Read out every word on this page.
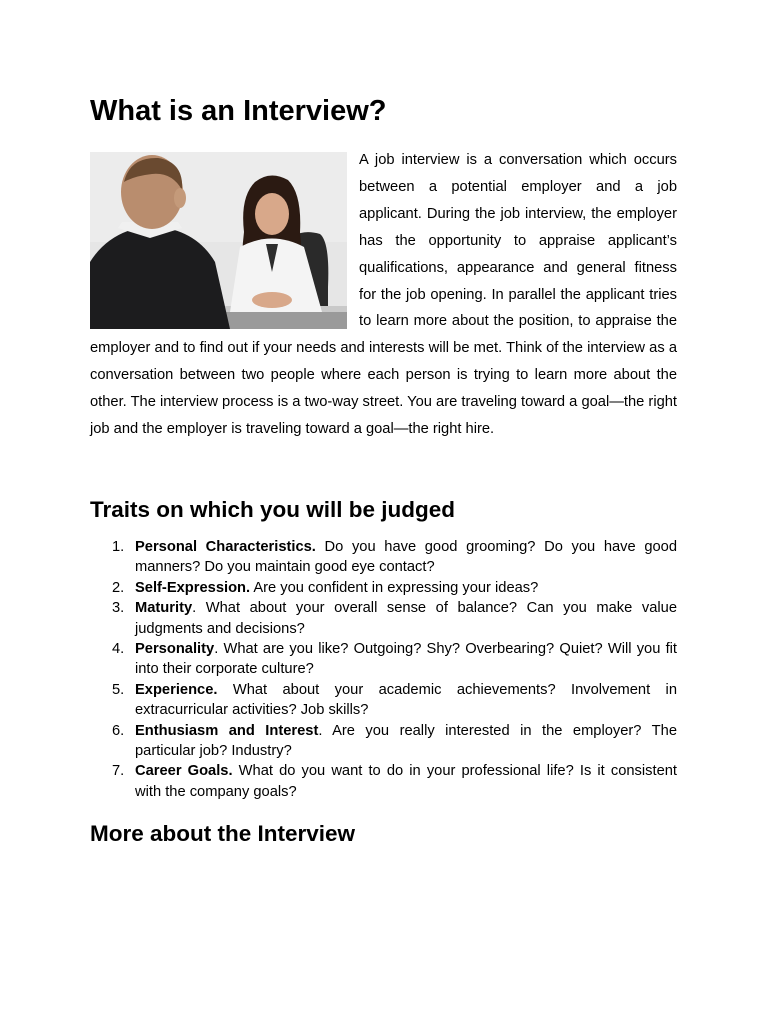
What is an Interview?
A job interview is a conversation which occurs between a potential employer and a job applicant. During the job interview, the employer has the opportunity to appraise applicant’s qualifications, appearance and general fitness for the job opening. In parallel the applicant tries to learn more about the position, to appraise the employer and to find out if your needs and interests will be met. Think of the interview as a conversation between two people where each person is trying to learn more about the other. The interview process is a two-way street. You are traveling toward a goal—the right job and the employer is traveling toward a goal—the right hire.
Traits on which you will be judged
1. Personal Characteristics. Do you have good grooming? Do you have good manners? Do you maintain good eye contact?
2. Self-Expression. Are you confident in expressing your ideas?
3. Maturity. What about your overall sense of balance? Can you make value judgments and decisions?
4. Personality. What are you like? Outgoing? Shy? Overbearing? Quiet? Will you fit into their corporate culture?
5. Experience. What about your academic achievements? Involvement in extracurricular activities? Job skills?
6. Enthusiasm and Interest. Are you really interested in the employer? The particular job? Industry?
7. Career Goals. What do you want to do in your professional life? Is it consistent with the company goals?
More about the Interview
